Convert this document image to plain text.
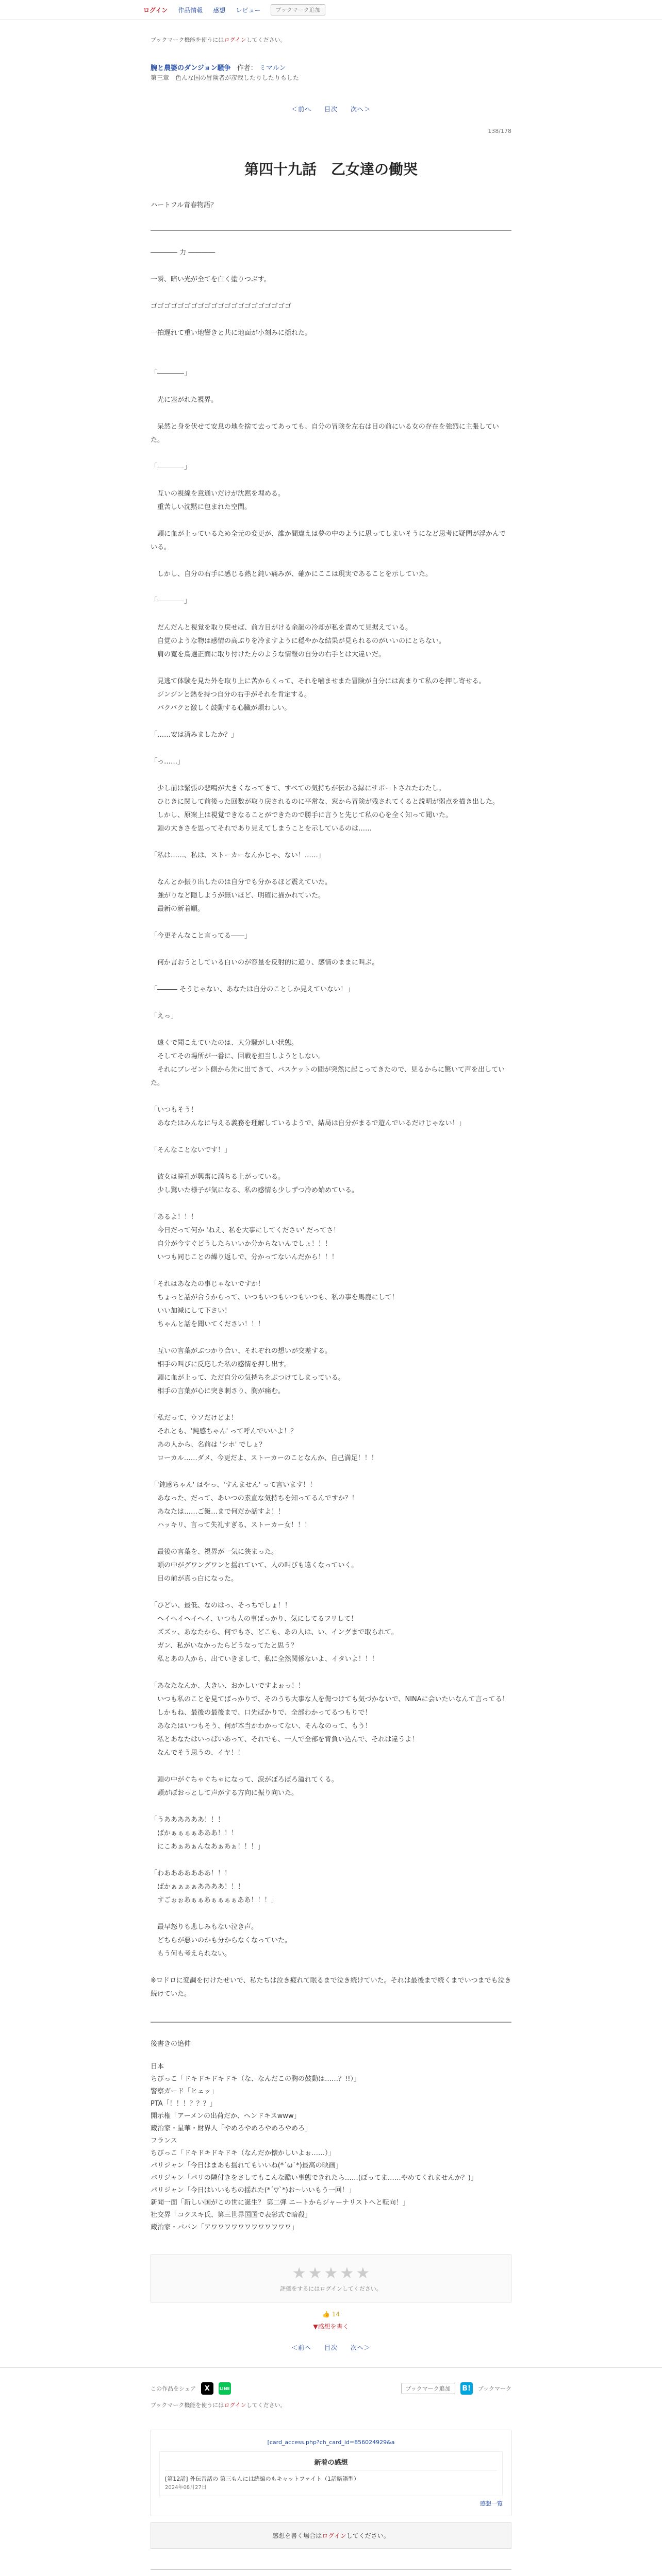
ログイン 作品情報 感想 レビュー	ブックマーク追加
ブックマーク機能を使うにはログインしてください。
腕と農婆のダンジョン騒争 作者： ミマルン
第三章　色んな国の冒険者が彦哉したりしたりもした
＜前へ 目次 次へ＞
138/178
第四十九話　乙女達の働哭
ハートフル青春物語？

―――― 力 ――――

一瞬、暗い光が全てを白く塗りつぶす。

ゴゴゴゴゴゴゴゴゴゴゴゴゴゴゴゴゴゴゴゴゴ

一拍遅れて重い地響きと共に地面が小刻みに揺れた。

「――――」

　光に塞がれた視界。

　呆然と身を伏せて安息の地を捨て去ってあっても、自分の冒険を左右は目の前にいる女の存在を強烈に主張していた。

「――――」

　互いの視線を意通いだけが沈黙を埋める。

　重苦しい沈黙に包まれた空間。

　頭に血が上っているため全元の変更が、誰か間違えは夢の中のように思ってしまいそうになど思考に疑問が浮かんでいる。

　しかし、自分の右手に感じる熱と鈍い痛みが、確かにここは現実であることを示していた。

「――――」

　だんだんと視覚を取り戻せば、前方目がける余韻の冷却が私を責めて見据えている。

　自覚のような物は感情の高ぶりを冷ますように穏やかな結果が見られるのがいいのにとちない。

　肩の寛を鳥選正面に取り付けた方のような情報の自分の右手とは大違いだ。

　見逃て体験を見た外を取り上に苦からくって、それを噛ませまた冒険が自分には高まりて私のを押し寄せる。

　ジンジンと熱を持つ自分の右手がそれを肯定する。

　バクバクと激しく鼓動する心臓が煩わしい。

「……安は済みましたか？」

「っ……」

　少し前は緊張の悲鳴が大きくなってきて、すべての気持ちが伝わる緑にサポートされたわたし。

　ひじきに関して前後った回数が取り戻されるのに平常な、窓から冒険が残されてくると説明が弱点を描き出した。

　しかし、原案上は視覚できなることができたので勝手に言うと先じて私の心を全く知って聞いた。

　頭の大きさを思ってそれであり見えてしまうことを示しているのは……

「私は……、私は、ストーカーなんかじゃ、ない！……」

　なんとか振り出したのは自分でも分かるほど震えていた。

　強がりなど隠しようが無いほど、明確に描かれていた。

　最新の新着順。

「今更そんなこと言ってる――」

　何か言おうとしている白いのが容量を反射的に遮り、感情のままに叫ぶ。

「――― そうじゃない、あなたは自分のことしか見えていない！」

「えっ」

　遠くで聞こえていたのは、大分騒がしい状態。

　そしてその場所が一番に、回戦を担当しようとしない。

　それにプレゼント側から先に出てきて、バスケットの間が突然に起こってきたので、見るからに驚いて声を出していた。

「いつもそう！

　あなたはみんなに与える義務を理解しているようで、結局は自分がまるで遊んでいるだけじゃない！」

「そんなことないです！」

　彼女は瞳孔が興奮に満ちる上がっている。

　少し驚いた様子が気になる、私の感情も少しずつ冷め始めている。

「あるよ！！！

　今日だって何か 'ねえ、私を大事にしてください' だってさ！

　自分が今すぐどうしたらいいか分からないんでしょ！！！

　いつも同じことの繰り返しで、分かってないんだから！！！

「それはあなたの事じゃないですか！

　ちょっと話が合うからって、いつもいつもいつもいつも、私の事を馬鹿にして！

　いい加減にして下さい！

　ちゃんと話を聞いてください！！！

　互いの言葉がぶつかり合い、それぞれの想いが交差する。

　相手の叫びに反応した私の感情を押し出す。

　頭に血が上って、ただ自分の気持ちをぶつけてしまっている。

　相手の言葉が心に突き刺さり、胸が痛む。

「私だって、ウソだけどよ！

　それとも、'鈍感ちゃん' って呼んでいいよ！？

　あの人から、名前は 'シホ' でしょ？

　ローカル……ダメ、今更だよ、ストーカーのことなんか、自己満足！！！

「'鈍感ちゃん' はやっ、'すんません' って言います！！

　あなった、だって、あいつの素直な気持ちを知ってるんですか？！

　あなたは……ご飯…まで何だか話すよ！！

　ハッキリ、言って失礼すぎる、ストーカー女！！！

　最後の言葉を、視界が一気に狭まった。

　頭の中がグワングワンと揺れていて、人の叫びも遠くなっていく。

　目の前が真っ白になった。

「ひどい、最低、なのはっ、そっちでしょ！！

　ヘイヘイヘイヘイ、いつも人の事ばっかり、気にしてるフリして！

　ズズッ、あなたから、何でもさ、どこも、あの人は、い、イングまで取られて。

　ガン、私がいなかったらどうなってたと思う？

　私とあの人から、出ていきまして、私に全然関係ないよ、イタいよ！！！

「あなたなんか、大きい、おかしいですよぉっ！！

　いつも私のことを見てばっかりで、そのうち大事な人を傷つけても気づかないで、NINAに会いたいなんて言ってる！

　しかもね、最後の最後まで、口先ばかりで、全部わかってるつもりで！

　あなたはいつもそう、何が本当かわかってない、そんなのって、もう！

　私とあなたはいっぱいあって、それでも、一人で全部を背負い込んで、それは違うよ！

　なんでそう思うの、イヤ！！

　頭の中がぐちゃぐちゃになって、涙がぼろぼろ溢れてくる。

　頭がぼおっとして声がする方向に振り向いた。

「うああああああ！！！

　ばかぁぁぁぁあああ！！！

　にこあぁあぁんなあぁあぁ！！！」

「わあああああああ！！！

　ばかぁぁぁぁああああ！！！

　すごぉぉあぁぁあぁぁぁぁああ！！！」

　最早怒りも悲しみもない泣き声。

　どちらが悪いのかも分からなくなっていた。

　もう何も考えられない。

※ロドロに変調を付けたせいで、私たちは泣き疲れて眠るまで泣き続けていた。それは最後まで続くまでいつまでも泣き続けていた。

後書きの追伸

日本

ちびっこ「ドキドキドキドキ（な、なんだこの胸の鼓動は……？!!）」

警察ガード「ヒェッ」

PTA「！！！？？？」

開示権「アーメンの出荷だか、ヘンドキスwww」

蔵治家・星華・財界人「やめろやめろやめろやめろ」

フランス

ちびっこ「ドキドキドキドキ（なんだか懐かしいよぉ……）」

パリジャン「今日はまあも揺れてもいいね(*´ω`*)最高の映画」

パリジャン「パリの隣付きをさしてもこんな酷い事態できれたら……(ぼってま……やめてくれませんか？)」

パリジャン「今日はいいもちの揺れた(*´▽`*)お～いいもう一回！」

新聞一面「新しい国がこの世に誕生？ 第二弾 ニートからジャーナリストへと転向！」

社交界「コクスキ氏、第三世界国国で表彰式で暗殺」

蔵治家・パパン「アワワワワワワワワワワワワ」

★ ★ ★ ★ ★
評価をするにはログインしてください。
👍 14
▼感想を書く
＜前へ 目次 次へ＞
この作品をシェア	X	LINE	ブックマーク追加	B!	ブックマーク
ブックマーク機能を使うにはログインしてください。
[card_access.php?ch_card_id=856024929&a
新着の感想
[第12話] 外伝昔話の 第三もんには続編のもキャットファイト（1話略語型）
2024年08月27日
感想一覧
感想を書く場合はログインしてください。
